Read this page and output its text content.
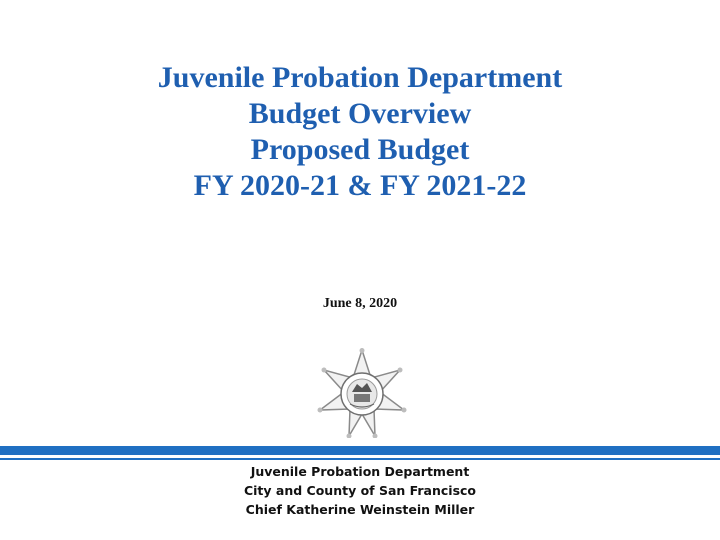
Juvenile Probation Department
Budget Overview
Proposed Budget
FY 2020-21 & FY 2021-22
June 8, 2020
Juvenile Probation Department
City and County of San Francisco
Chief Katherine Weinstein Miller
